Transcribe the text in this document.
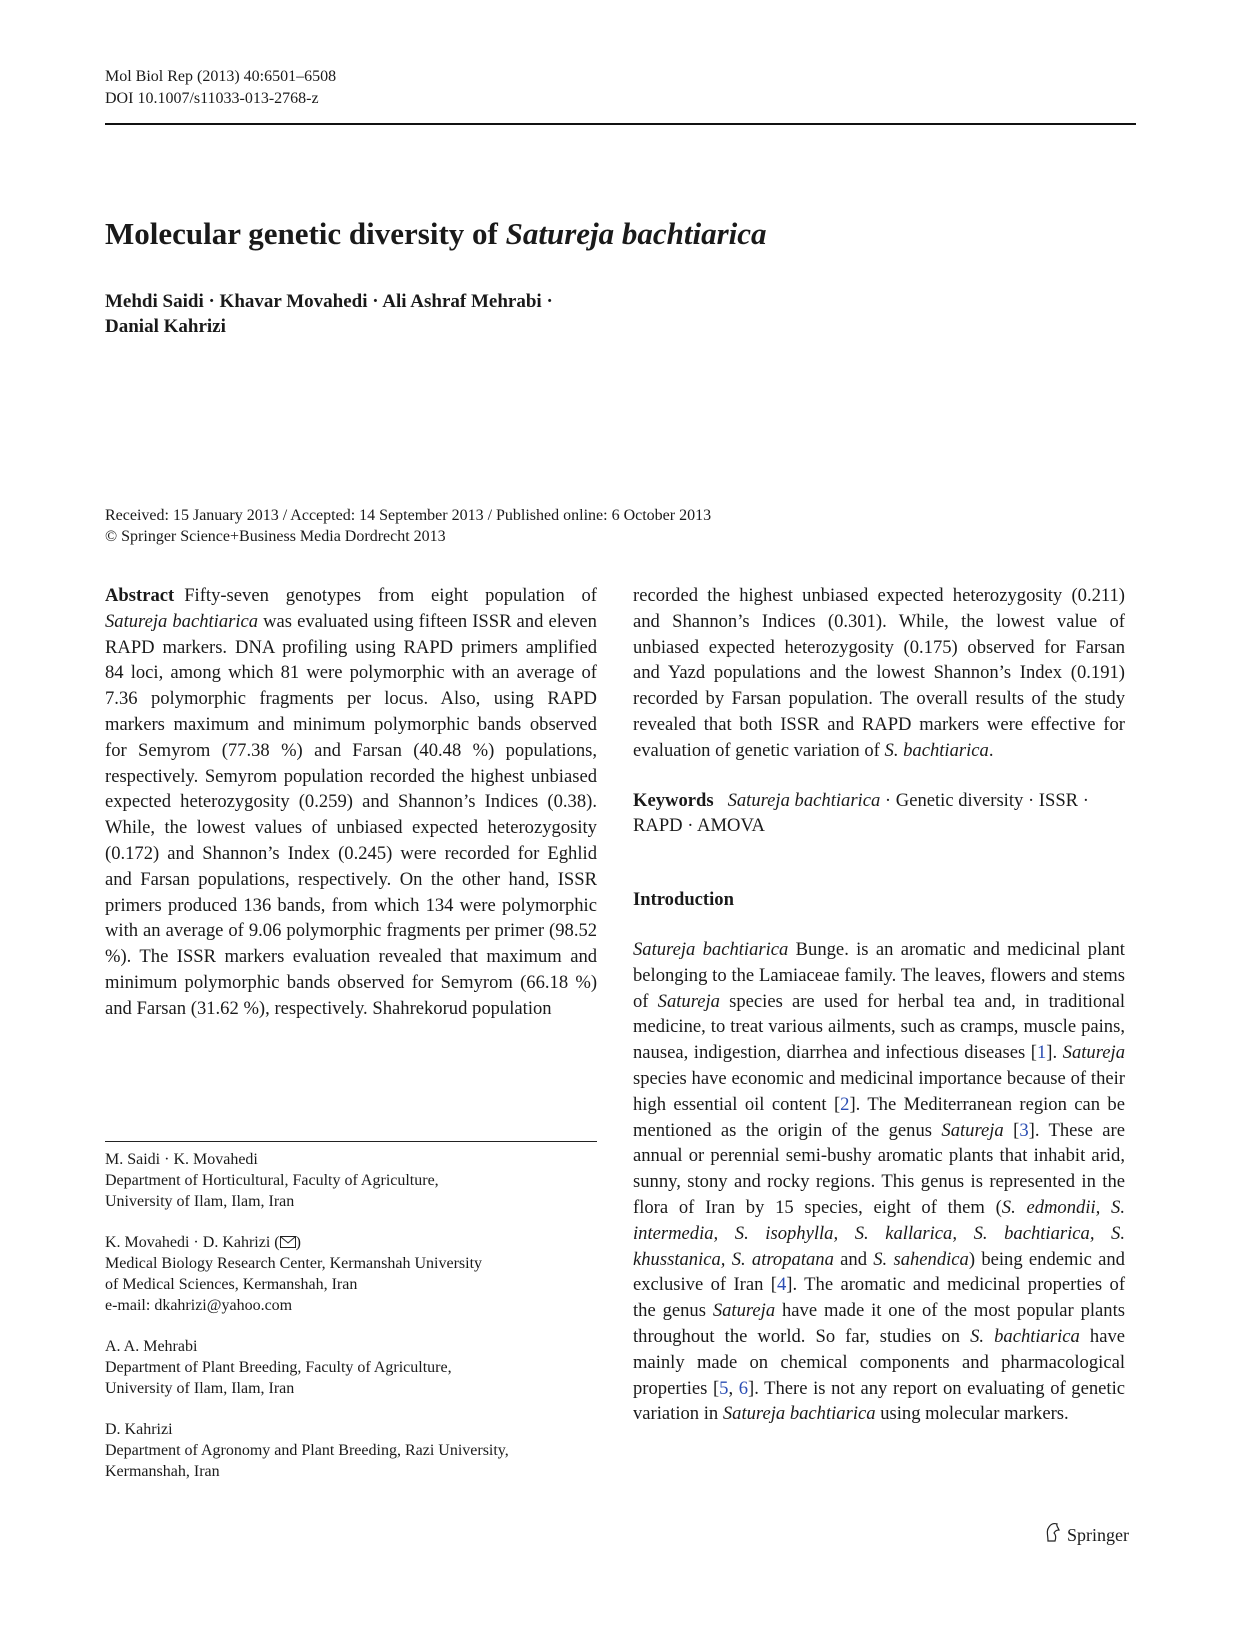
Mol Biol Rep (2013) 40:6501–6508
DOI 10.1007/s11033-013-2768-z
Molecular genetic diversity of Satureja bachtiarica
Mehdi Saidi · Khavar Movahedi · Ali Ashraf Mehrabi ·
Danial Kahrizi
Received: 15 January 2013 / Accepted: 14 September 2013 / Published online: 6 October 2013
© Springer Science+Business Media Dordrecht 2013

Abstract Fifty-seven genotypes from eight population of Satureja bachtiarica was evaluated using fifteen ISSR and eleven RAPD markers. DNA profiling using RAPD primers amplified 84 loci, among which 81 were polymorphic with an average of 7.36 polymorphic fragments per locus. Also, using RAPD markers maximum and minimum polymorphic bands observed for Semyrom (77.38 %) and Farsan (40.48 %) populations, respectively. Semyrom population recorded the highest unbiased expected heterozygosity (0.259) and Shannon’s Indices (0.38). While, the lowest values of unbiased expected heterozygosity (0.172) and Shannon’s Index (0.245) were recorded for Eghlid and Farsan populations, respectively. On the other hand, ISSR primers produced 136 bands, from which 134 were polymorphic with an average of 9.06 polymorphic fragments per primer (98.52 %). The ISSR markers evaluation revealed that maximum and minimum polymorphic bands observed for Semyrom (66.18 %) and Farsan (31.62 %), respectively. Shahrekorud population

recorded the highest unbiased expected heterozygosity (0.211) and Shannon’s Indices (0.301). While, the lowest value of unbiased expected heterozygosity (0.175) observed for Farsan and Yazd populations and the lowest Shannon’s Index (0.191) recorded by Farsan population. The overall results of the study revealed that both ISSR and RAPD markers were effective for evaluation of genetic variation of S. bachtiarica.

Keywords Satureja bachtiarica · Genetic diversity · ISSR · RAPD · AMOVA

Introduction

Satureja bachtiarica Bunge. is an aromatic and medicinal plant belonging to the Lamiaceae family. The leaves, flowers and stems of Satureja species are used for herbal tea and, in traditional medicine, to treat various ailments, such as cramps, muscle pains, nausea, indigestion, diarrhea and infectious diseases [1]. Satureja species have economic and medicinal importance because of their high essential oil content [2]. The Mediterranean region can be mentioned as the origin of the genus Satureja [3]. These are annual or perennial semi-bushy aromatic plants that inhabit arid, sunny, stony and rocky regions. This genus is represented in the flora of Iran by 15 species, eight of them (S. edmondii, S. intermedia, S. isophylla, S. kallarica, S. bachtiarica, S. khusstanica, S. atropatana and S. sahendica) being endemic and exclusive of Iran [4]. The aromatic and medicinal properties of the genus Satureja have made it one of the most popular plants throughout the world. So far, studies on S. bachtiarica have mainly made on chemical components and pharmacological properties [5, 6]. There is not any report on evaluating of genetic variation in Satureja bachtiarica using molecular markers.

M. Saidi · K. Movahedi
Department of Horticultural, Faculty of Agriculture,
University of Ilam, Ilam, Iran
K. Movahedi · D. Kahrizi ( )
Medical Biology Research Center, Kermanshah University
of Medical Sciences, Kermanshah, Iran
e-mail: dkahrizi@yahoo.com
A. A. Mehrabi
Department of Plant Breeding, Faculty of Agriculture,
University of Ilam, Ilam, Iran
D. Kahrizi
Department of Agronomy and Plant Breeding, Razi University,
Kermanshah, Iran
Springer
